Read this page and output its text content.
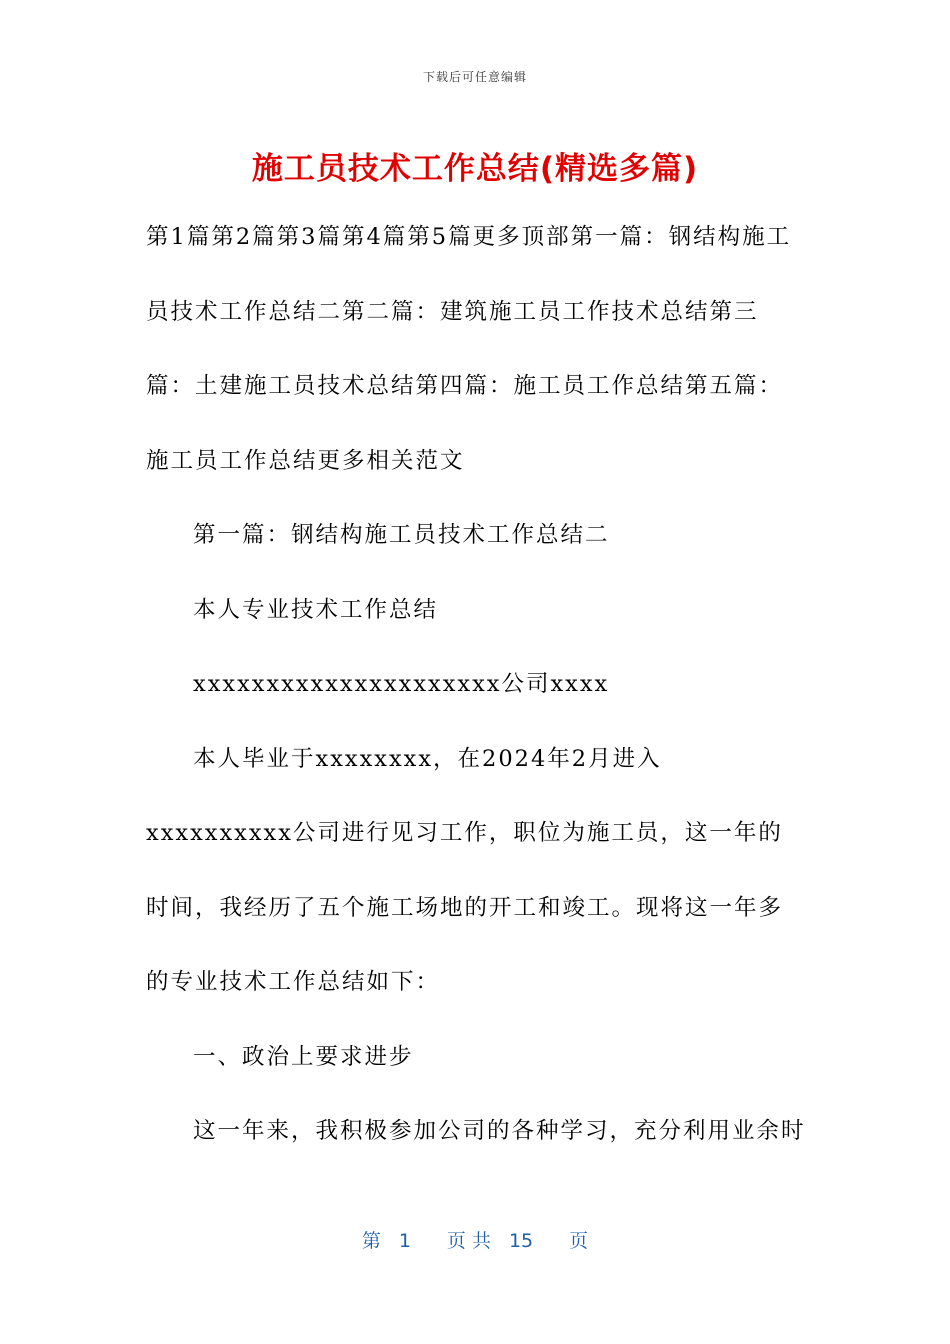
下载后可任意编辑
施工员技术工作总结(精选多篇)

第1篇第2篇第3篇第4篇第5篇更多顶部第一篇：钢结构施工员技术工作总结二第二篇：建筑施工员工作技术总结第三篇：土建施工员技术总结第四篇：施工员工作总结第五篇：施工员工作总结更多相关范文

第一篇：钢结构施工员技术工作总结二

本人专业技术工作总结

xxxxxxxxxxxxxxxxxxxxx公司xxxx

本人毕业于xxxxxxxx，在2024年2月进入xxxxxxxxxx公司进行见习工作，职位为施工员，这一年的时间，我经历了五个施工场地的开工和竣工。现将这一年多的专业技术工作总结如下：

一、政治上要求进步

这一年来，我积极参加公司的各种学习，充分利用业余时

第 1 页 共 15 页
